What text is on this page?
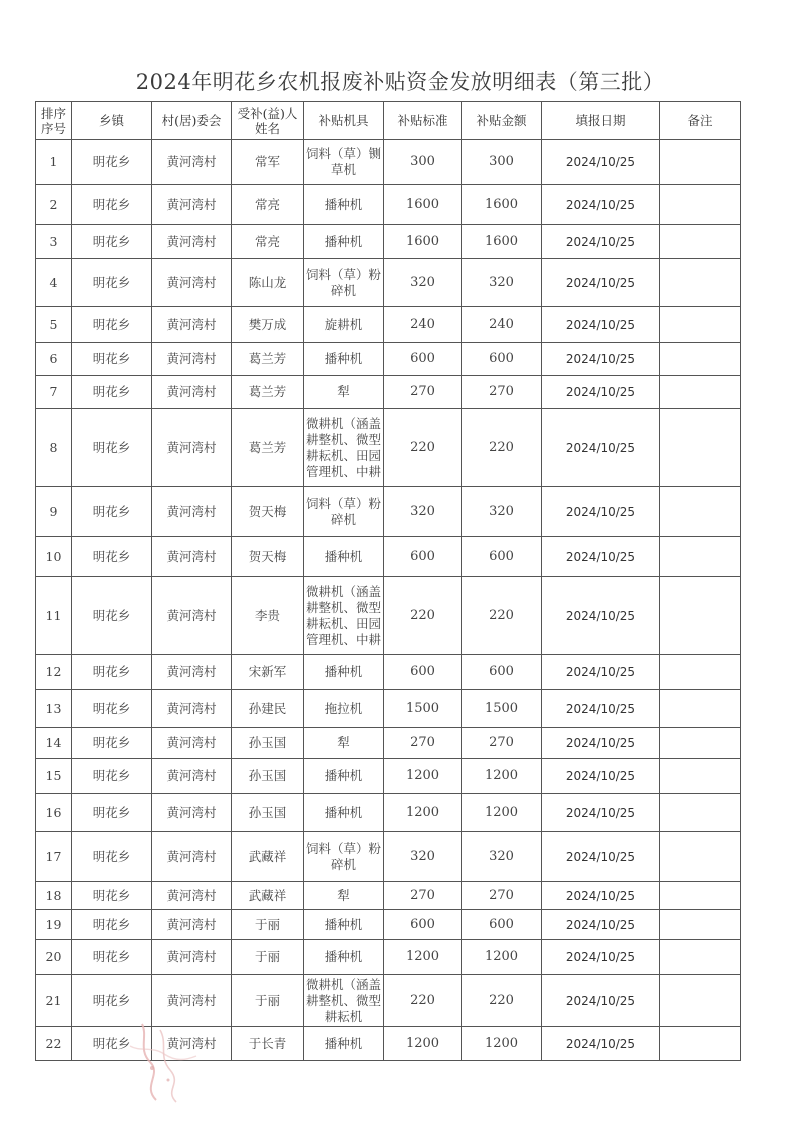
2024年明花乡农机报废补贴资金发放明细表（第三批）
排序序号	乡镇	村(居)委会	受补(益)人姓名	补贴机具	补贴标准	补贴金额	填报日期	备注
1	明花乡	黄河湾村	常军	饲料（草）铡草机	300	300	2024/10/25	
2	明花乡	黄河湾村	常亮	播种机	1600	1600	2024/10/25	
3	明花乡	黄河湾村	常亮	播种机	1600	1600	2024/10/25	
4	明花乡	黄河湾村	陈山龙	饲料（草）粉碎机	320	320	2024/10/25	
5	明花乡	黄河湾村	樊万成	旋耕机	240	240	2024/10/25	
6	明花乡	黄河湾村	葛兰芳	播种机	600	600	2024/10/25	
7	明花乡	黄河湾村	葛兰芳	犁	270	270	2024/10/25	
8	明花乡	黄河湾村	葛兰芳	微耕机（涵盖耕整机、微型耕耘机、田园管理机、中耕	220	220	2024/10/25	
9	明花乡	黄河湾村	贺天梅	饲料（草）粉碎机	320	320	2024/10/25	
10	明花乡	黄河湾村	贺天梅	播种机	600	600	2024/10/25	
11	明花乡	黄河湾村	李贵	微耕机（涵盖耕整机、微型耕耘机、田园管理机、中耕	220	220	2024/10/25	
12	明花乡	黄河湾村	宋新军	播种机	600	600	2024/10/25	
13	明花乡	黄河湾村	孙建民	拖拉机	1500	1500	2024/10/25	
14	明花乡	黄河湾村	孙玉国	犁	270	270	2024/10/25	
15	明花乡	黄河湾村	孙玉国	播种机	1200	1200	2024/10/25	
16	明花乡	黄河湾村	孙玉国	播种机	1200	1200	2024/10/25	
17	明花乡	黄河湾村	武藏祥	饲料（草）粉碎机	320	320	2024/10/25	
18	明花乡	黄河湾村	武藏祥	犁	270	270	2024/10/25	
19	明花乡	黄河湾村	于丽	播种机	600	600	2024/10/25	
20	明花乡	黄河湾村	于丽	播种机	1200	1200	2024/10/25	
21	明花乡	黄河湾村	于丽	微耕机（涵盖耕整机、微型耕耘机	220	220	2024/10/25	
22	明花乡	黄河湾村	于长青	播种机	1200	1200	2024/10/25	
